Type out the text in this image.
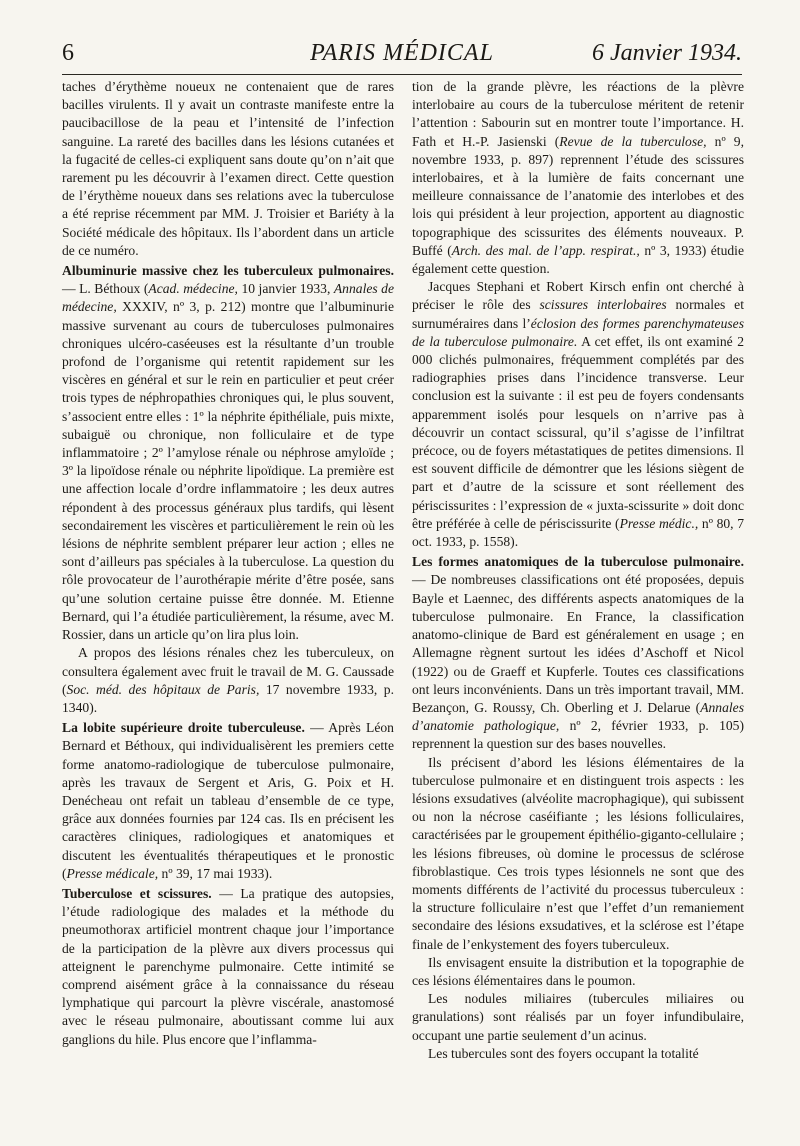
6	PARIS MÉDICAL	6 Janvier 1934.

taches d’érythème noueux ne contenaient que de rares bacilles virulents. Il y avait un contraste manifeste entre la paucibacillose de la peau et l’intensité de l’infection sanguine. La rareté des bacilles dans les lésions cutanées et la fugacité de celles-ci expliquent sans doute qu’on n’ait que rarement pu les découvrir à l’examen direct. Cette question de l’érythème noueux dans ses relations avec la tuberculose a été reprise récemment par MM. J. Troisier et Bariéty à la Société médicale des hôpitaux. Ils l’abordent dans un article de ce numéro.

Albuminurie massive chez les tuberculeux pulmonaires. — L. Béthoux (Acad. médecine, 10 janvier 1933, Annales de médecine, XXXIV, nº 3, p. 212) montre que l’albuminurie massive survenant au cours de tuberculoses pulmonaires chroniques ulcéro-caséeuses est la résultante d’un trouble profond de l’organisme qui retentit rapidement sur les viscères en général et sur le rein en particulier et peut créer trois types de néphropathies chroniques qui, le plus souvent, s’associent entre elles : 1º la néphrite épithéliale, puis mixte, subaiguë ou chronique, non folliculaire et de type inflammatoire ; 2º l’amylose rénale ou néphrose amyloïde ; 3º la lipoïdose rénale ou néphrite lipoïdique. La première est une affection locale d’ordre inflammatoire ; les deux autres répondent à des processus généraux plus tardifs, qui lèsent secondairement les viscères et particulièrement le rein où les lésions de néphrite semblent préparer leur action ; elles ne sont d’ailleurs pas spéciales à la tuberculose. La question du rôle provocateur de l’aurothérapie mérite d’être posée, sans qu’une solution certaine puisse être donnée. M. Etienne Bernard, qui l’a étudiée particulièrement, la résume, avec M. Rossier, dans un article qu’on lira plus loin.

A propos des lésions rénales chez les tuberculeux, on consultera également avec fruit le travail de M. G. Caussade (Soc. méd. des hôpitaux de Paris, 17 novembre 1933, p. 1340).

La lobite supérieure droite tuberculeuse. — Après Léon Bernard et Béthoux, qui individualisèrent les premiers cette forme anatomo-radiologique de tuberculose pulmonaire, après les travaux de Sergent et Aris, G. Poix et H. Denécheau ont refait un tableau d’ensemble de ce type, grâce aux données fournies par 124 cas. Ils en précisent les caractères cliniques, radiologiques et anatomiques et discutent les éventualités thérapeutiques et le pronostic (Presse médicale, nº 39, 17 mai 1933).

Tuberculose et scissures. — La pratique des autopsies, l’étude radiologique des malades et la méthode du pneumothorax artificiel montrent chaque jour l’importance de la participation de la plèvre aux divers processus qui atteignent le parenchyme pulmonaire. Cette intimité se comprend aisément grâce à la connaissance du réseau lymphatique qui parcourt la plèvre viscérale, anastomosé avec le réseau pulmonaire, aboutissant comme lui aux ganglions du hile. Plus encore que l’inflamma-

tion de la grande plèvre, les réactions de la plèvre interlobaire au cours de la tuberculose méritent de retenir l’attention : Sabourin sut en montrer toute l’importance. H. Fath et H.-P. Jasienski (Revue de la tuberculose, nº 9, novembre 1933, p. 897) reprennent l’étude des scissures interlobaires, et à la lumière de faits concernant une meilleure connaissance de l’anatomie des interlobes et des lois qui président à leur projection, apportent au diagnostic topographique des scissurites des éléments nouveaux. P. Buffé (Arch. des mal. de l’app. respirat., nº 3, 1933) étudie également cette question.

Jacques Stephani et Robert Kirsch enfin ont cherché à préciser le rôle des scissures interlobaires normales et surnuméraires dans l’éclosion des formes parenchymateuses de la tuberculose pulmonaire. A cet effet, ils ont examiné 2 000 clichés pulmonaires, fréquemment complétés par des radiographies prises dans l’incidence transverse. Leur conclusion est la suivante : il est peu de foyers condensants apparemment isolés pour lesquels on n’arrive pas à découvrir un contact scissural, qu’il s’agisse de l’infiltrat précoce, ou de foyers métastatiques de petites dimensions. Il est souvent difficile de démontrer que les lésions siègent de part et d’autre de la scissure et sont réellement des périscissurites : l’expression de « juxta-scissurite » doit donc être préférée à celle de périscissurite (Presse médic., nº 80, 7 oct. 1933, p. 1558).

Les formes anatomiques de la tuberculose pulmonaire. — De nombreuses classifications ont été proposées, depuis Bayle et Laennec, des différents aspects anatomiques de la tuberculose pulmonaire. En France, la classification anatomo-clinique de Bard est généralement en usage ; en Allemagne règnent surtout les idées d’Aschoff et Nicol (1922) ou de Graeff et Kupferle. Toutes ces classifications ont leurs inconvénients. Dans un très important travail, MM. Bezançon, G. Roussy, Ch. Oberling et J. Delarue (Annales d’anatomie pathologique, nº 2, février 1933, p. 105) reprennent la question sur des bases nouvelles.

Ils précisent d’abord les lésions élémentaires de la tuberculose pulmonaire et en distinguent trois aspects : les lésions exsudatives (alvéolite macrophagique), qui subissent ou non la nécrose caséifiante ; les lésions folliculaires, caractérisées par le groupement épithélio-giganto-cellulaire ; les lésions fibreuses, où domine le processus de sclérose fibroblastique. Ces trois types lésionnels ne sont que des moments différents de l’activité du processus tuberculeux : la structure folliculaire n’est que l’effet d’un remaniement secondaire des lésions exsudatives, et la sclérose est l’étape finale de l’enkystement des foyers tuberculeux.

Ils envisagent ensuite la distribution et la topographie de ces lésions élémentaires dans le poumon.

Les nodules miliaires (tubercules miliaires ou granulations) sont réalisés par un foyer infundibulaire, occupant une partie seulement d’un acinus.

Les tubercules sont des foyers occupant la totalité
